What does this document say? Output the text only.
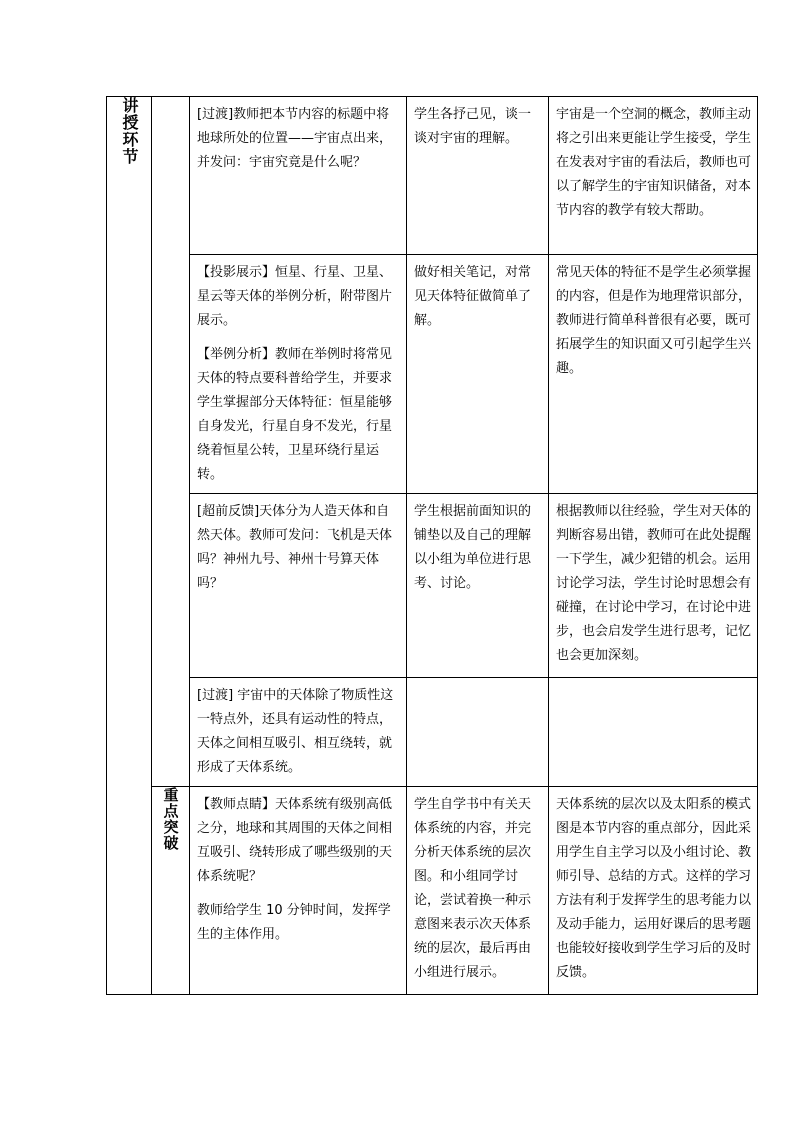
讲授环节		[过渡]教师把本节内容的标题中将地球所处的位置——宇宙点出来，并发问：宇宙究竟是什么呢？	学生各抒己见，谈一谈对宇宙的理解。	宇宙是一个空洞的概念，教师主动将之引出来更能让学生接受，学生在发表对宇宙的看法后，教师也可以了解学生的宇宙知识储备，对本节内容的教学有较大帮助。

		【投影展示】恒星、行星、卫星、星云等天体的举例分析，附带图片展示。

【举例分析】教师在举例时将常见天体的特点要科普给学生，并要求学生掌握部分天体特征：恒星能够自身发光，行星自身不发光，行星绕着恒星公转，卫星环绕行星运转。	做好相关笔记，对常见天体特征做简单了解。	常见天体的特征不是学生必须掌握的内容，但是作为地理常识部分，教师进行简单科普很有必要，既可拓展学生的知识面又可引起学生兴趣。

		[超前反馈]天体分为人造天体和自然天体。教师可发问：飞机是天体吗？神州九号、神州十号算天体吗？	学生根据前面知识的铺垫以及自己的理解以小组为单位进行思考、讨论。	根据教师以往经验，学生对天体的判断容易出错，教师可在此处提醒一下学生，减少犯错的机会。运用讨论学习法，学生讨论时思想会有碰撞，在讨论中学习，在讨论中进步，也会启发学生进行思考，记忆也会更加深刻。

		[过渡] 宇宙中的天体除了物质性这一特点外，还具有运动性的特点，天体之间相互吸引、相互绕转，就形成了天体系统。		

	重点突破	【教师点睛】天体系统有级别高低之分，地球和其周围的天体之间相互吸引、绕转形成了哪些级别的天体系统呢？

教师给学生 10 分钟时间，发挥学生的主体作用。	学生自学书中有关天体系统的内容，并完分析天体系统的层次图。和小组同学讨论，尝试着换一种示意图来表示次天体系统的层次，最后再由小组进行展示。	天体系统的层次以及太阳系的模式图是本节内容的重点部分，因此采用学生自主学习以及小组讨论、教师引导、总结的方式。这样的学习方法有利于发挥学生的思考能力以及动手能力，运用好课后的思考题也能较好接收到学生学习后的及时反馈。
